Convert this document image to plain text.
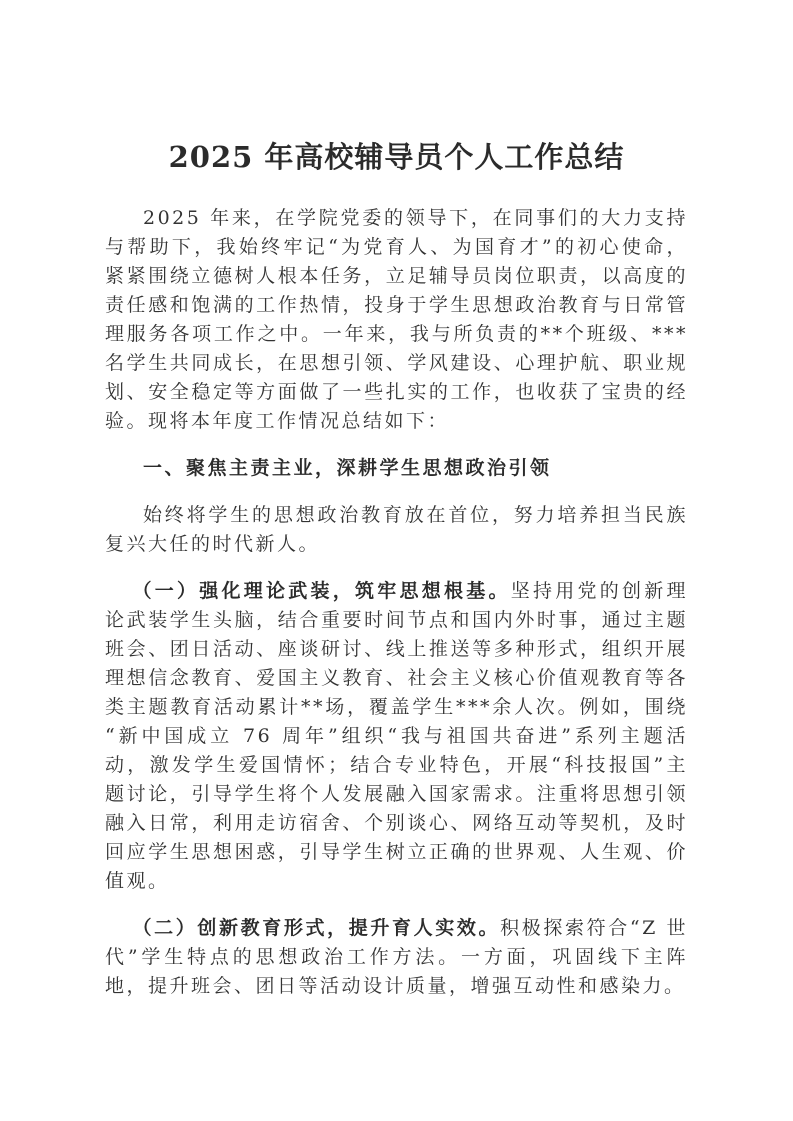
2025 年高校辅导员个人工作总结

2025 年来，在学院党委的领导下，在同事们的大力支持与帮助下，我始终牢记“为党育人、为国育才”的初心使命，紧紧围绕立德树人根本任务，立足辅导员岗位职责，以高度的责任感和饱满的工作热情，投身于学生思想政治教育与日常管理服务各项工作之中。一年来，我与所负责的**个班级、***名学生共同成长，在思想引领、学风建设、心理护航、职业规划、安全稳定等方面做了一些扎实的工作，也收获了宝贵的经验。现将本年度工作情况总结如下：

一、聚焦主责主业，深耕学生思想政治引领

始终将学生的思想政治教育放在首位，努力培养担当民族复兴大任的时代新人。

（一）强化理论武装，筑牢思想根基。坚持用党的创新理论武装学生头脑，结合重要时间节点和国内外时事，通过主题班会、团日活动、座谈研讨、线上推送等多种形式，组织开展理想信念教育、爱国主义教育、社会主义核心价值观教育等各类主题教育活动累计**场，覆盖学生***余人次。例如，围绕“新中国成立 76 周年”组织“我与祖国共奋进”系列主题活动，激发学生爱国情怀；结合专业特色，开展“科技报国”主题讨论，引导学生将个人发展融入国家需求。注重将思想引领融入日常，利用走访宿舍、个别谈心、网络互动等契机，及时回应学生思想困惑，引导学生树立正确的世界观、人生观、价值观。

（二）创新教育形式，提升育人实效。积极探索符合“Z 世代”学生特点的思想政治工作方法。一方面，巩固线下主阵地，提升班会、团日等活动设计质量，增强互动性和感染力。
